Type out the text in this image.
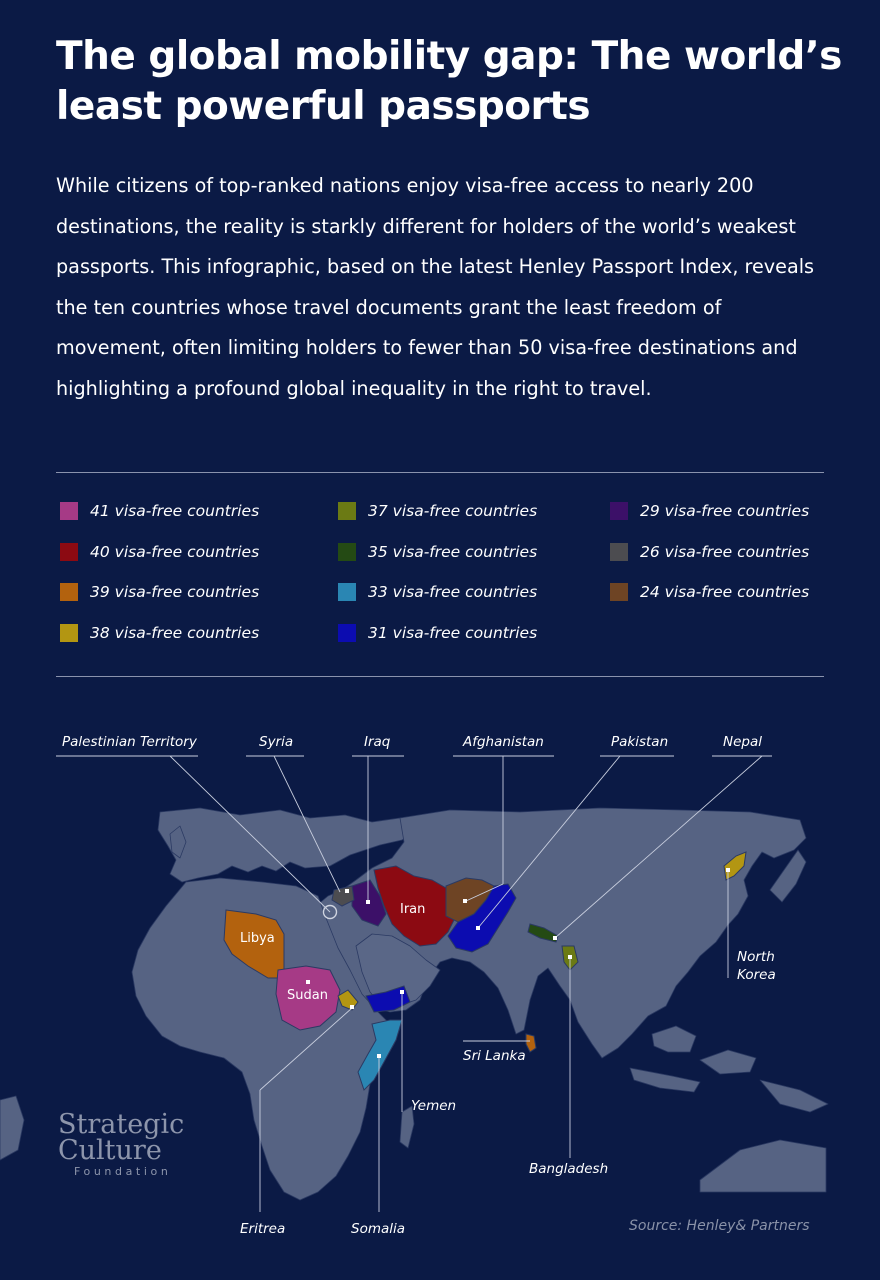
The global mobility gap: The world’s least powerful passports

While citizens of top-ranked nations enjoy visa-free access to nearly 200 destinations, the reality is starkly different for holders of the world’s weakest passports. This infographic, based on the latest Henley Passport Index, reveals the ten countries whose travel documents grant the least freedom of movement, often limiting holders to fewer than 50 visa-free destinations and highlighting a profound global inequality in the right to travel.

41 visa-free countries
40 visa-free countries
39 visa-free countries
38 visa-free countries
37 visa-free countries
35 visa-free countries
33 visa-free countries
31 visa-free countries
29 visa-free countries
26 visa-free countries
24 visa-free countries
Palestinian Territory	Syria	Iraq	Afghanistan	Pakistan	Nepal
North Korea
Sri Lanka
Yemen
Bangladesh
Eritrea	Somalia
Iran
Libya
Sudan
Strategic
Culture
Foundation
Source: Henley& Partners
